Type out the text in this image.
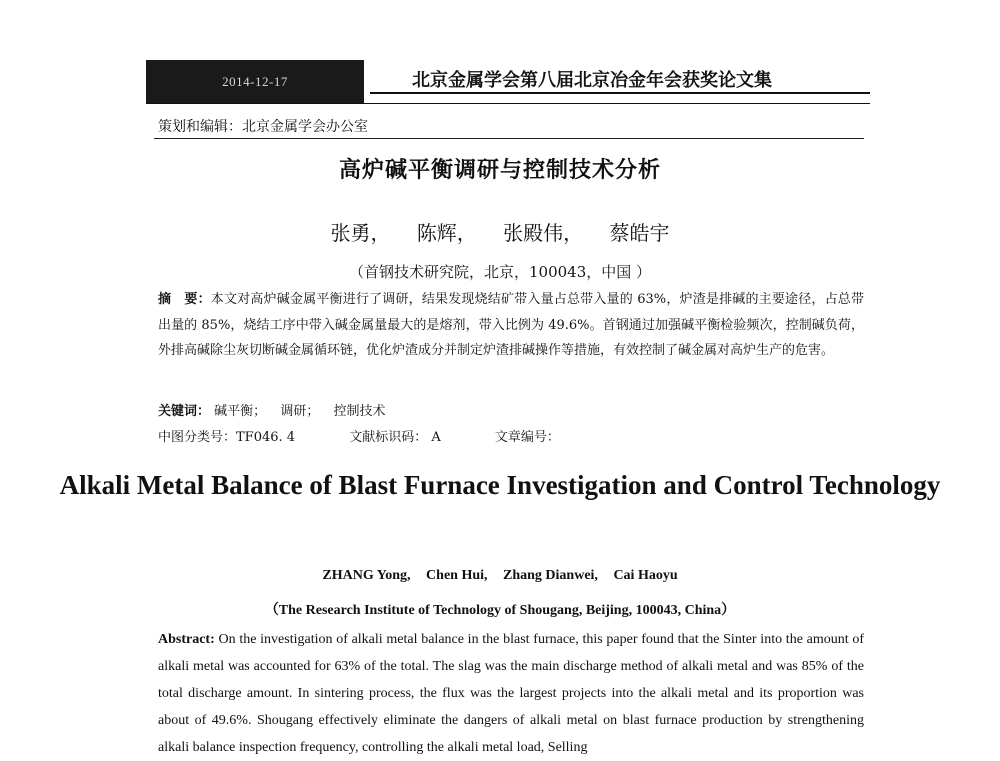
2014-12-17	北京金属学会第八届北京冶金年会获奖论文集
策划和编辑：北京金属学会办公室
高炉碱平衡调研与控制技术分析
张勇， 陈辉， 张殿伟， 蔡皓宇
（首钢技术研究院，北京，100043，中国 ）
摘　要：本文对高炉碱金属平衡进行了调研，结果发现烧结矿带入量占总带入量的 63%，炉渣是排碱的主要途径，占总带出量的 85%，烧结工序中带入碱金属量最大的是熔剂，带入比例为 49.6%。首钢通过加强碱平衡检验频次，控制碱负荷，外排高碱除尘灰切断碱金属循环链，优化炉渣成分并制定炉渣排碱操作等措施，有效控制了碱金属对高炉生产的危害。
关键词： 碱平衡； 调研； 控制技术
中图分类号：TF046. 4	文献标识码： A	文章编号：
Alkali Metal Balance of Blast Furnace Investigation and Control Technology
ZHANG Yong, Chen Hui, Zhang Dianwei, Cai Haoyu
（The Research Institute of Technology of Shougang, Beijing, 100043, China）
Abstract: On the investigation of alkali metal balance in the blast furnace, this paper found that the Sinter into the amount of alkali metal was accounted for 63% of the total. The slag was the main discharge method of alkali metal and was 85% of the total discharge amount. In sintering process, the flux was the largest projects into the alkali metal and its proportion was about of 49.6%. Shougang effectively eliminate the dangers of alkali metal on blast furnace production by strengthening alkali balance inspection frequency, controlling the alkali metal load, Selling
